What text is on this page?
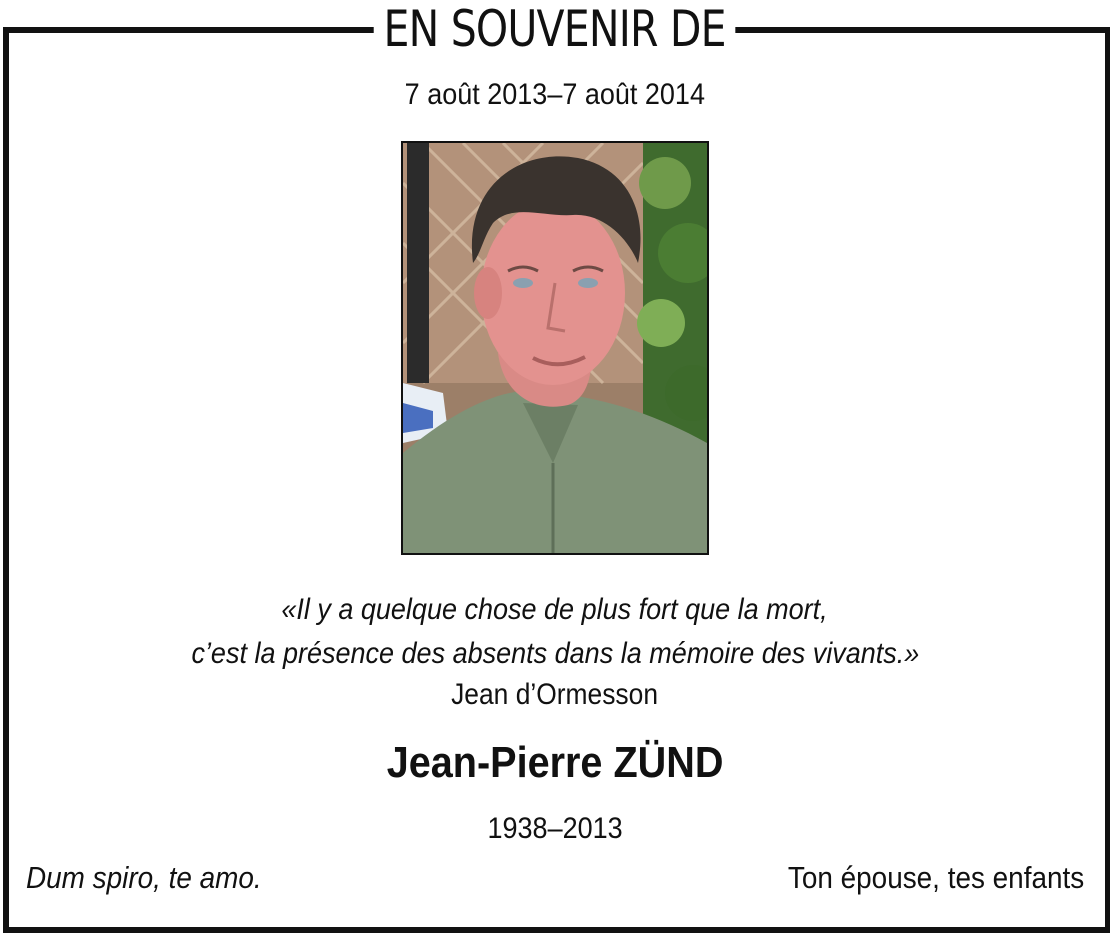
EN SOUVENIR DE
7 août 2013–7 août 2014
«Il y a quelque chose de plus fort que la mort,
c’est la présence des absents dans la mémoire des vivants.»
Jean d’Ormesson
Jean-Pierre ZÜND
1938–2013
Dum spiro, te amo.	Ton épouse, tes enfants
